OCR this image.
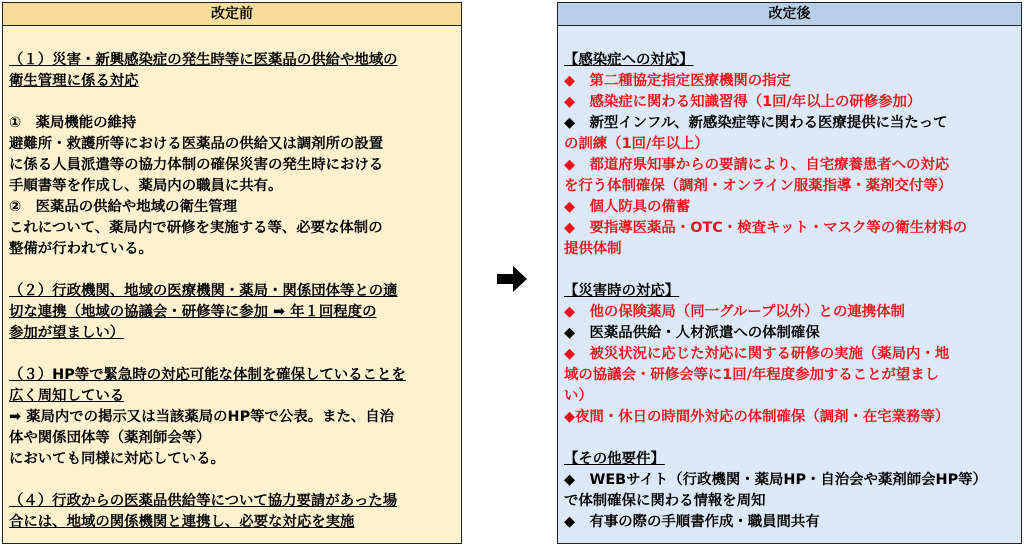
改定前
（１）災害・新興感染症の発生時等に医薬品の供給や地域の
衛生管理に係る対応
①　薬局機能の維持
避難所・救護所等における医薬品の供給又は調剤所の設置
に係る人員派遣等の協力体制の確保災害の発生時における
手順書等を作成し、薬局内の職員に共有。
②　医薬品の供給や地域の衛生管理
これについて、薬局内で研修を実施する等、必要な体制の
整備が行われている。
（２）行政機関、地域の医療機関・薬局・関係団体等との適
切な連携（地域の協議会・研修等に参加 ➡ 年１回程度の
参加が望ましい）
（３）HP等で緊急時の対応可能な体制を確保していることを
広く周知している
➡ 薬局内での掲示又は当該薬局のHP等で公表。また、自治
体や関係団体等（薬剤師会等）
においても同様に対応している。
（４）行政からの医薬品供給等について協力要請があった場
合には、地域の関係機関と連携し、必要な対応を実施
改定後
【感染症への対応】
◆　第二種協定指定医療機関の指定
◆　感染症に関わる知識習得（1回/年以上の研修参加）
◆　新型インフル、新感染症等に関わる医療提供に当たって
の訓練（1回/年以上）
◆　都道府県知事からの要請により、自宅療養患者への対応
を行う体制確保（調剤・オンライン服薬指導・薬剤交付等）
◆　個人防具の備蓄
◆　要指導医薬品・OTC・検査キット・マスク等の衛生材料の
提供体制
【災害時の対応】
◆　他の保険薬局（同一グループ以外）との連携体制
◆　医薬品供給・人材派遣への体制確保
◆　被災状況に応じた対応に関する研修の実施（薬局内・地
域の協議会・研修会等に1回/年程度参加することが望まし
い）
◆夜間・休日の時間外対応の体制確保（調剤・在宅業務等）
【その他要件】
◆　WEBサイト（行政機関・薬局HP・自治会や薬剤師会HP等）
で体制確保に関わる情報を周知
◆　有事の際の手順書作成・職員間共有
